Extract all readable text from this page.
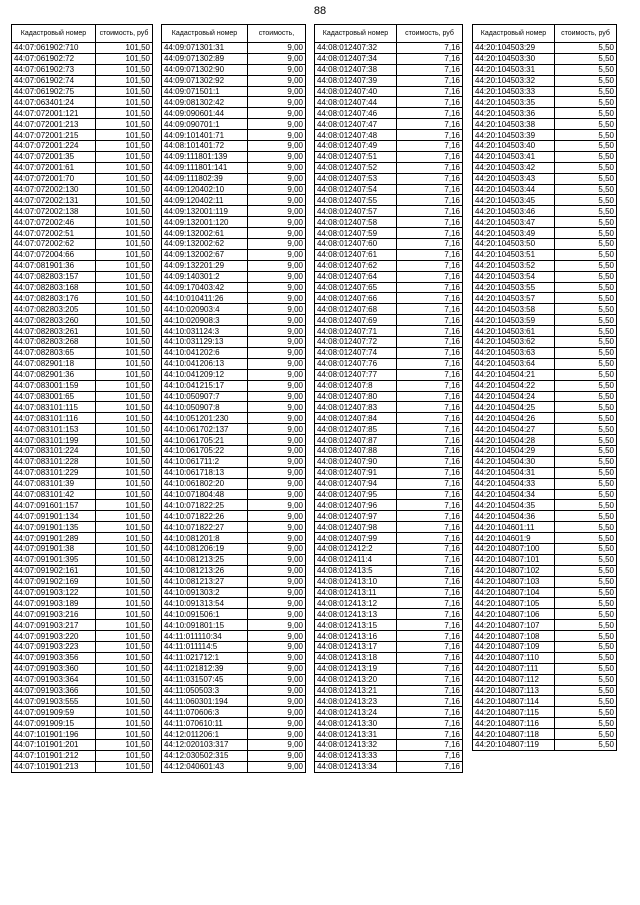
88
Кадастровый номер	стоимость, руб
44:07:061902:710	101,50
44:07:061902:72	101,50
44:07:061902:73	101,50
44:07:061902:74	101,50
44:07:061902:75	101,50
44:07:063401:24	101,50
44:07:072001:121	101,50
44:07:072001:213	101,50
44:07:072001:215	101,50
44:07:072001:224	101,50
44:07:072001:35	101,50
44:07:072001:61	101,50
44:07:072001:70	101,50
44:07:072002:130	101,50
44:07:072002:131	101,50
44:07:072002:138	101,50
44:07:072002:46	101,50
44:07:072002:51	101,50
44:07:072002:62	101,50
44:07:072004:66	101,50
44:07:081901:36	101,50
44:07:082803:157	101,50
44:07:082803:168	101,50
44:07:082803:176	101,50
44:07:082803:205	101,50
44:07:082803:260	101,50
44:07:082803:261	101,50
44:07:082803:268	101,50
44:07:082803:65	101,50
44:07:082901:18	101,50
44:07:082901:36	101,50
44:07:083001:159	101,50
44:07:083001:65	101,50
44:07:083101:115	101,50
44:07:083101:116	101,50
44:07:083101:153	101,50
44:07:083101:199	101,50
44:07:083101:224	101,50
44:07:083101:228	101,50
44:07:083101:229	101,50
44:07:083101:39	101,50
44:07:083101:42	101,50
44:07:091601:157	101,50
44:07:091901:134	101,50
44:07:091901:135	101,50
44:07:091901:289	101,50
44:07:091901:38	101,50
44:07:091901:395	101,50
44:07:091902:161	101,50
44:07:091902:169	101,50
44:07:091903:122	101,50
44:07:091903:189	101,50
44:07:091903:216	101,50
44:07:091903:217	101,50
44:07:091903:220	101,50
44:07:091903:223	101,50
44:07:091903:356	101,50
44:07:091903:360	101,50
44:07:091903:364	101,50
44:07:091903:366	101,50
44:07:091903:555	101,50
44:07:091909:59	101,50
44:07:091909:15	101,50
44:07:101901:196	101,50
44:07:101901:201	101,50
44:07:101901:212	101,50
44:07:101901:213	101,50
Кадастровый номер	стоимость,
44:09:071301:31	9,00
44:09:071302:89	9,00
44:09:071302:90	9,00
44:09:071302:92	9,00
44:09:071501:1	9,00
44:09:081302:42	9,00
44:09:090601:44	9,00
44:09:090701:1	9,00
44:09:101401:71	9,00
44:08:101401:72	9,00
44:09:111801:139	9,00
44:09:111801:141	9,00
44:09:111802:39	9,00
44:09:120402:10	9,00
44:09:120402:11	9,00
44:09:132001:119	9,00
44:09:132001:120	9,00
44:09:132002:61	9,00
44:09:132002:62	9,00
44:09:132002:67	9,00
44:09:132201:29	9,00
44:09:140301:2	9,00
44:09:170403:42	9,00
44:10:010411:26	9,00
44:10:020903:4	9,00
44:10:020908:3	9,00
44:10:031124:3	9,00
44:10:031129:13	9,00
44:10:041202:6	9,00
44:10:041206:13	9,00
44:10:041209:12	9,00
44:10:041215:17	9,00
44:10:050907:7	9,00
44:10:050907:8	9,00
44:10:051201:230	9,00
44:10:061702:137	9,00
44:10:061705:21	9,00
44:10:061705:22	9,00
44:10:061711:2	9,00
44:10:061718:13	9,00
44:10:061802:20	9,00
44:10:071804:48	9,00
44:10:071822:25	9,00
44:10:071822:26	9,00
44:10:071822:27	9,00
44:10:081201:8	9,00
44:10:081206:19	9,00
44:10:081213:25	9,00
44:10:081213:26	9,00
44:10:081213:27	9,00
44:10:091303:2	9,00
44:10:091313:54	9,00
44:10:091506:1	9,00
44:10:091801:15	9,00
44:11:011110:34	9,00
44:11:011114:5	9,00
44:11:021712:1	9,00
44:11:021812:39	9,00
44:11:031507:45	9,00
44:11:050503:3	9,00
44:11:060301:194	9,00
44:11:070606:3	9,00
44:11:070610:11	9,00
44:12:011206:1	9,00
44:12:020103:317	9,00
44:12:030502:315	9,00
44:12:040601:43	9,00
Кадастровый номер	стоимость, руб
44:08:012407:32	7,16
44:08:012407:34	7,16
44:08:012407:38	7,16
44:08:012407:39	7,16
44:08:012407:40	7,16
44:08:012407:44	7,16
44:08:012407:46	7,16
44:08:012407:47	7,16
44:08:012407:48	7,16
44:08:012407:49	7,16
44:08:012407:51	7,16
44:08:012407:52	7,16
44:08:012407:53	7,16
44:08:012407:54	7,16
44:08:012407:55	7,16
44:08:012407:57	7,16
44:08:012407:58	7,16
44:08:012407:59	7,16
44:08:012407:60	7,16
44:08:012407:61	7,16
44:08:012407:62	7,16
44:08:012407:64	7,16
44:08:012407:65	7,16
44:08:012407:66	7,16
44:08:012407:68	7,16
44:08:012407:69	7,16
44:08:012407:71	7,16
44:08:012407:72	7,16
44:08:012407:74	7,16
44:08:012407:76	7,16
44:08:012407:77	7,16
44:08:012407:8	7,16
44:08:012407:80	7,16
44:08:012407:83	7,16
44:08:012407:84	7,16
44:08:012407:85	7,16
44:08:012407:87	7,16
44:08:012407:88	7,16
44:08:012407:90	7,16
44:08:012407:91	7,16
44:08:012407:94	7,16
44:08:012407:95	7,16
44:08:012407:96	7,16
44:08:012407:97	7,16
44:08:012407:98	7,16
44:08:012407:99	7,16
44:08:012412:2	7,16
44:08:012411:4	7,16
44:08:012413:5	7,16
44:08:012413:10	7,16
44:08:012413:11	7,16
44:08:012413:12	7,16
44:08:012413:13	7,16
44:08:012413:15	7,16
44:08:012413:16	7,16
44:08:012413:17	7,16
44:08:012413:18	7,16
44:08:012413:19	7,16
44:08:012413:20	7,16
44:08:012413:21	7,16
44:08:012413:23	7,16
44:08:012413:24	7,16
44:08:012413:30	7,16
44:08:012413:31	7,16
44:08:012413:32	7,16
44:08:012413:33	7,16
44:08:012413:34	7,16
Кадастровый номер	стоимость, руб
44:20:104503:29	5,50
44:20:104503:30	5,50
44:20:104503:31	5,50
44:20:104503:32	5,50
44:20:104503:33	5,50
44:20:104503:35	5,50
44:20:104503:36	5,50
44:20:104503:38	5,50
44:20:104503:39	5,50
44:20:104503:40	5,50
44:20:104503:41	5,50
44:20:104503:42	5,50
44:20:104503:43	5,50
44:20:104503:44	5,50
44:20:104503:45	5,50
44:20:104503:46	5,50
44:20:104503:47	5,50
44:20:104503:49	5,50
44:20:104503:50	5,50
44:20:104503:51	5,50
44:20:104503:52	5,50
44:20:104503:54	5,50
44:20:104503:55	5,50
44:20:104503:57	5,50
44:20:104503:58	5,50
44:20:104503:59	5,50
44:20:104503:61	5,50
44:20:104503:62	5,50
44:20:104503:63	5,50
44:20:104503:64	5,50
44:20:104504:21	5,50
44:20:104504:22	5,50
44:20:104504:24	5,50
44:20:104504:25	5,50
44:20:104504:26	5,50
44:20:104504:27	5,50
44:20:104504:28	5,50
44:20:104504:29	5,50
44:20:104504:30	5,50
44:20:104504:31	5,50
44:20:104504:33	5,50
44:20:104504:34	5,50
44:20:104504:35	5,50
44:20:104504:36	5,50
44:20:104601:11	5,50
44:20:104601:9	5,50
44:20:104807:100	5,50
44:20:104807:101	5,50
44:20:104807:102	5,50
44:20:104807:103	5,50
44:20:104807:104	5,50
44:20:104807:105	5,50
44:20:104807:106	5,50
44:20:104807:107	5,50
44:20:104807:108	5,50
44:20:104807:109	5,50
44:20:104807:110	5,50
44:20:104807:111	5,50
44:20:104807:112	5,50
44:20:104807:113	5,50
44:20:104807:114	5,50
44:20:104807:115	5,50
44:20:104807:116	5,50
44:20:104807:118	5,50
44:20:104807:119	5,50
